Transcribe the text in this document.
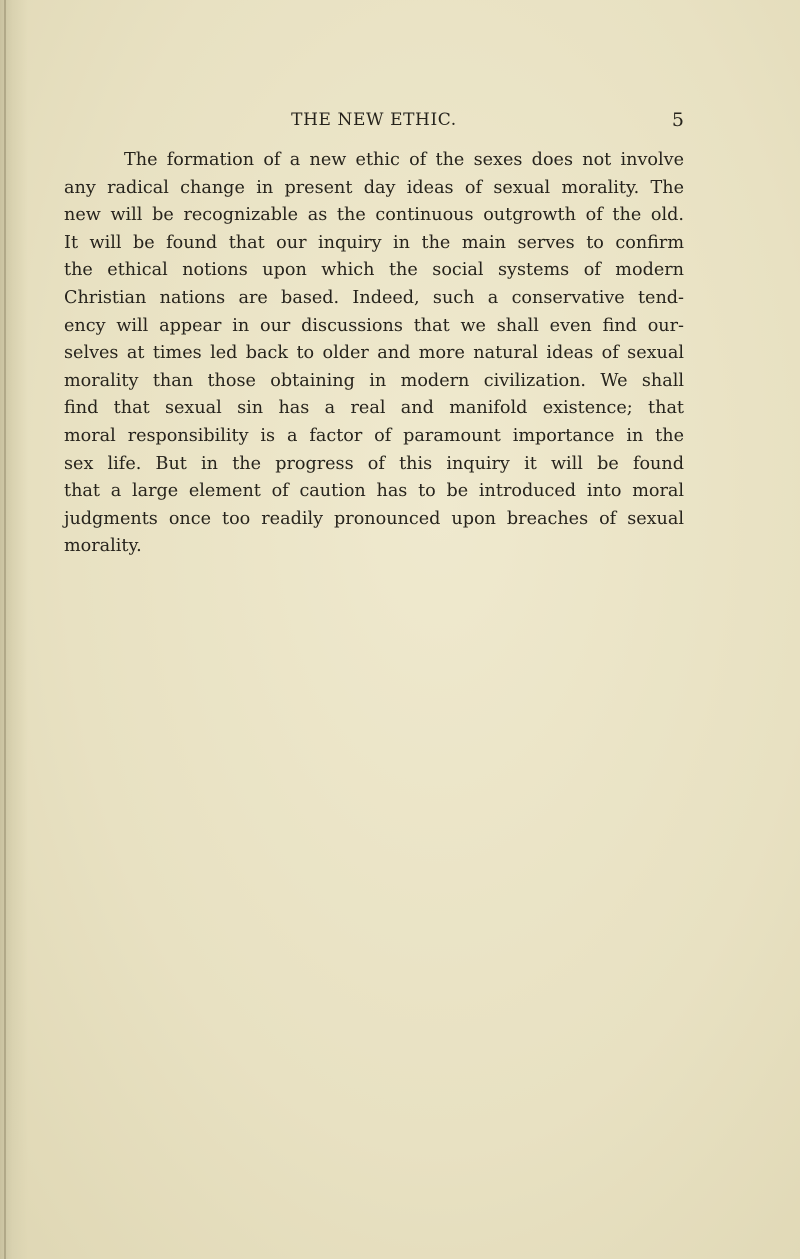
THE NEW ETHIC.	5
The formation of a new ethic of the sexes does not involve
any radical change in present day ideas of sexual morality. The
new will be recognizable as the continuous outgrowth of the old.
It will be found that our inquiry in the main serves to confirm
the ethical notions upon which the social systems of modern
Christian nations are based. Indeed, such a conservative tend-
ency will appear in our discussions that we shall even find our-
selves at times led back to older and more natural ideas of sexual
morality than those obtaining in modern civilization. We shall
find that sexual sin has a real and manifold existence; that
moral responsibility is a factor of paramount importance in the
sex life. But in the progress of this inquiry it will be found
that a large element of caution has to be introduced into moral
judgments once too readily pronounced upon breaches of sexual
morality.
